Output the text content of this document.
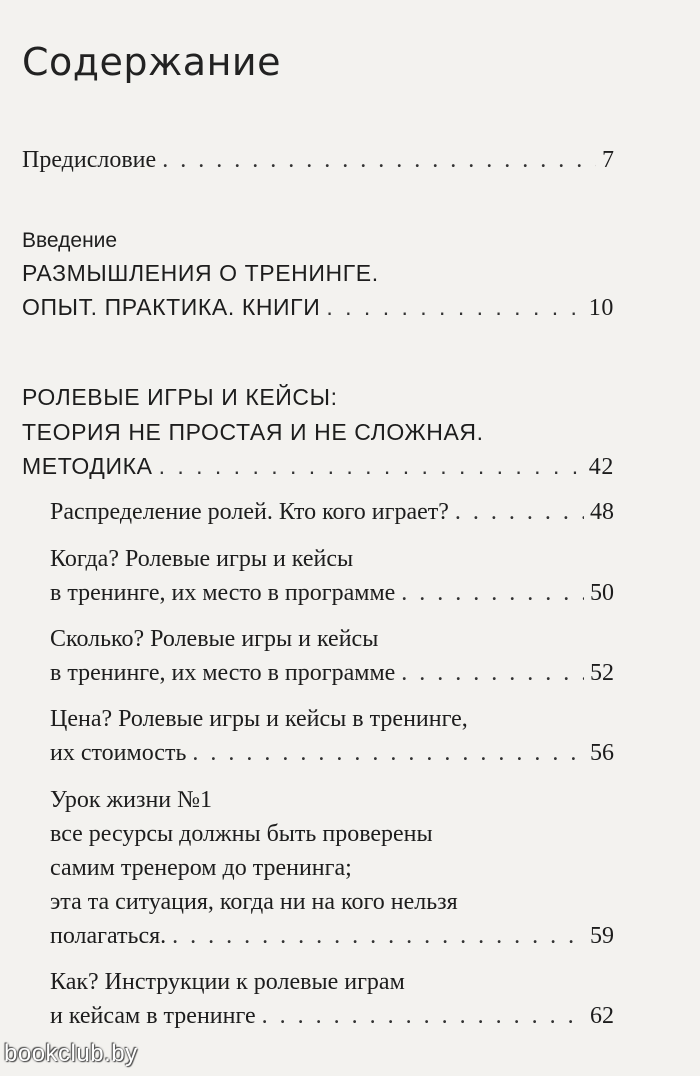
Содержание
Предисловие . . .	7
Введение
РАЗМЫШЛЕНИЯ О ТРЕНИНГЕ.
ОПЫТ. ПРАКТИКА. КНИГИ . . .	10
РОЛЕВЫЕ ИГРЫ И КЕЙСЫ:
ТЕОРИЯ НЕ ПРОСТАЯ И НЕ СЛОЖНАЯ.
МЕТОДИКА . . .	42
Распределение ролей. Кто кого играет? . . .	48
Когда? Ролевые игры и кейсы
в тренинге, их место в программе . . .	50
Сколько? Ролевые игры и кейсы
в тренинге, их место в программе . . .	52
Цена? Ролевые игры и кейсы в тренинге,
их стоимость . . .	56
Урок жизни №1
все ресурсы должны быть проверены
самим тренером до тренинга;
эта та ситуация, когда ни на кого нельзя
полагаться. . . .	59
Как? Инструкции к ролевые играм
и кейсам в тренинге . . .	62
bookclub.by
